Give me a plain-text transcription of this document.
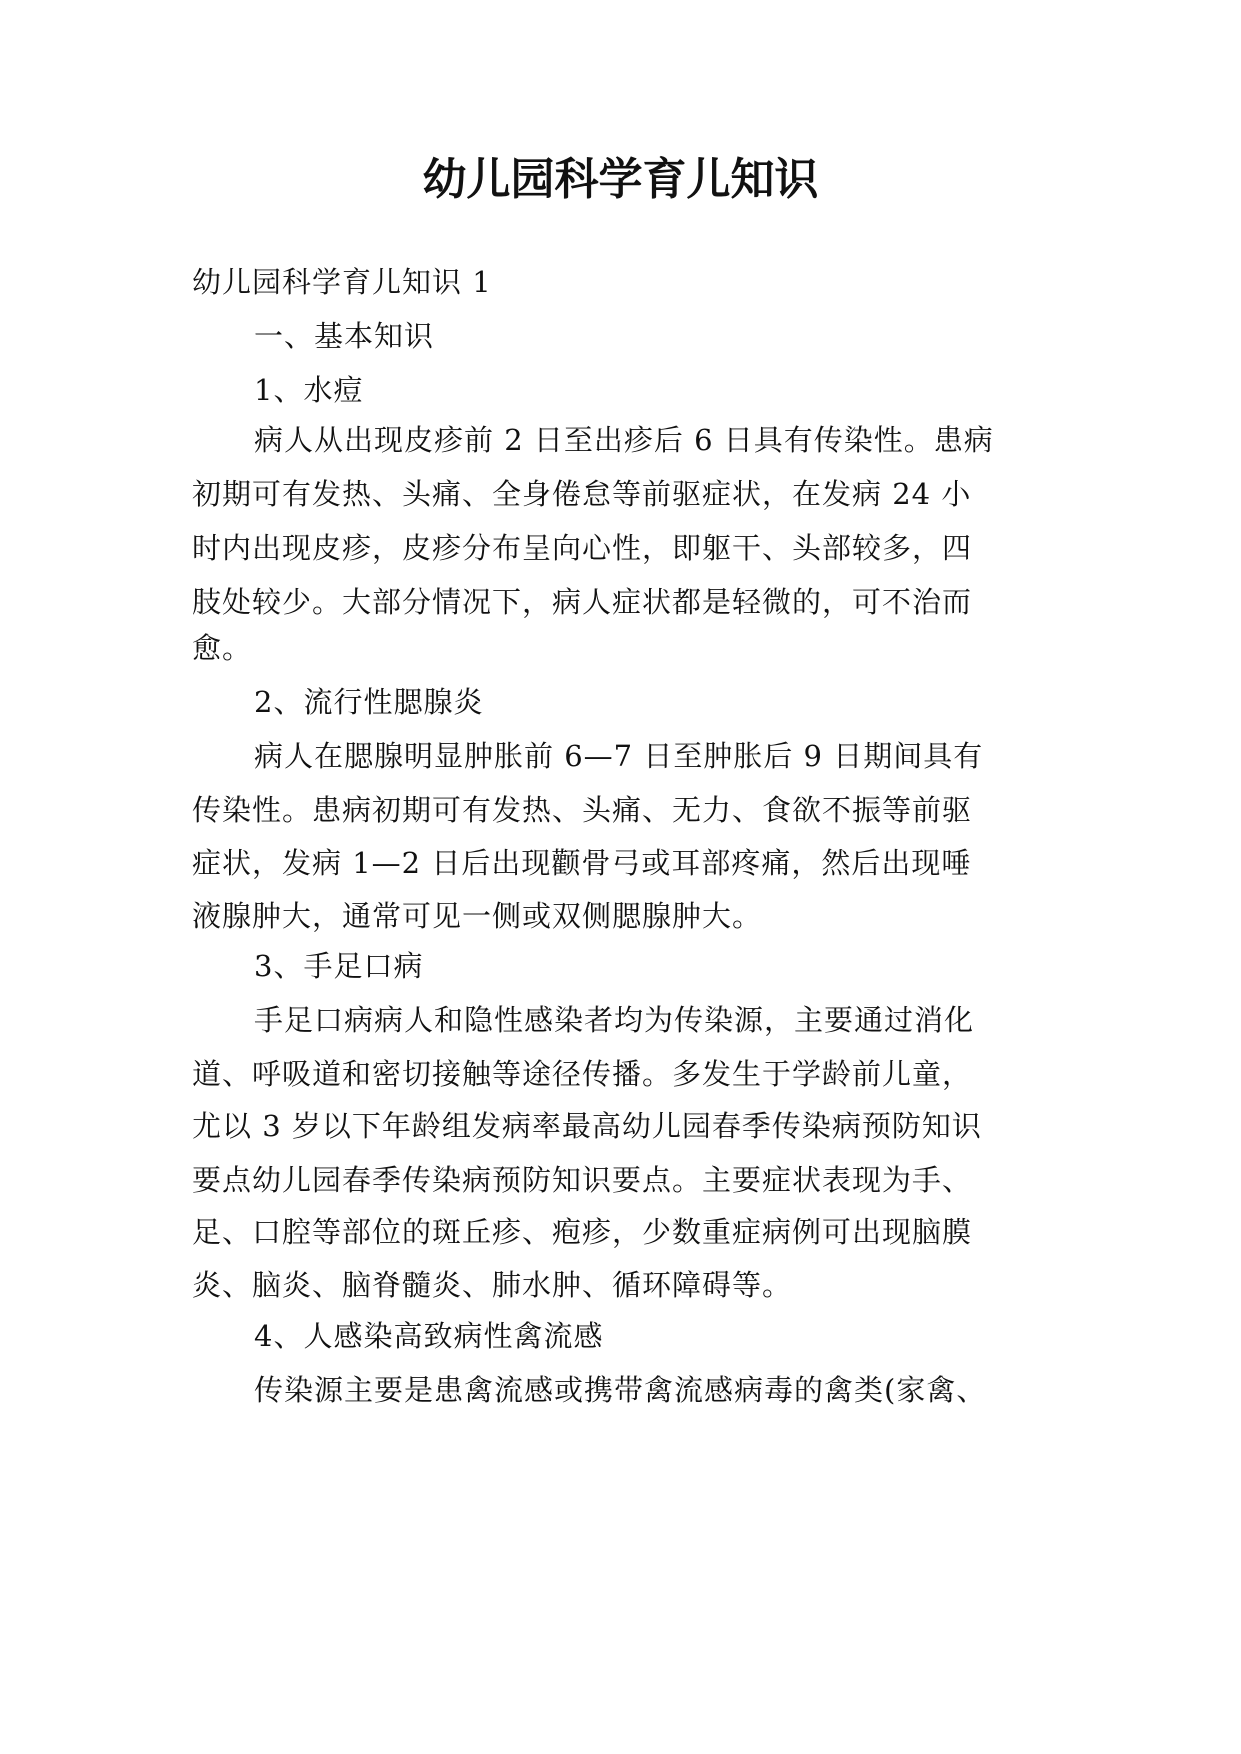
幼儿园科学育儿知识
幼儿园科学育儿知识 1
一、基本知识
1、水痘
病人从出现皮疹前 2 日至出疹后 6 日具有传染性。患病
初期可有发热、头痛、全身倦怠等前驱症状，在发病 24 小
时内出现皮疹，皮疹分布呈向心性，即躯干、头部较多，四
肢处较少。大部分情况下，病人症状都是轻微的，可不治而
愈。
2、流行性腮腺炎
病人在腮腺明显肿胀前 6—7 日至肿胀后 9 日期间具有
传染性。患病初期可有发热、头痛、无力、食欲不振等前驱
症状，发病 1—2 日后出现颧骨弓或耳部疼痛，然后出现唾
液腺肿大，通常可见一侧或双侧腮腺肿大。
3、手足口病
手足口病病人和隐性感染者均为传染源，主要通过消化
道、呼吸道和密切接触等途径传播。多发生于学龄前儿童，
尤以 3 岁以下年龄组发病率最高幼儿园春季传染病预防知识
要点幼儿园春季传染病预防知识要点。主要症状表现为手、
足、口腔等部位的斑丘疹、疱疹，少数重症病例可出现脑膜
炎、脑炎、脑脊髓炎、肺水肿、循环障碍等。
4、人感染高致病性禽流感
传染源主要是患禽流感或携带禽流感病毒的禽类(家禽、
